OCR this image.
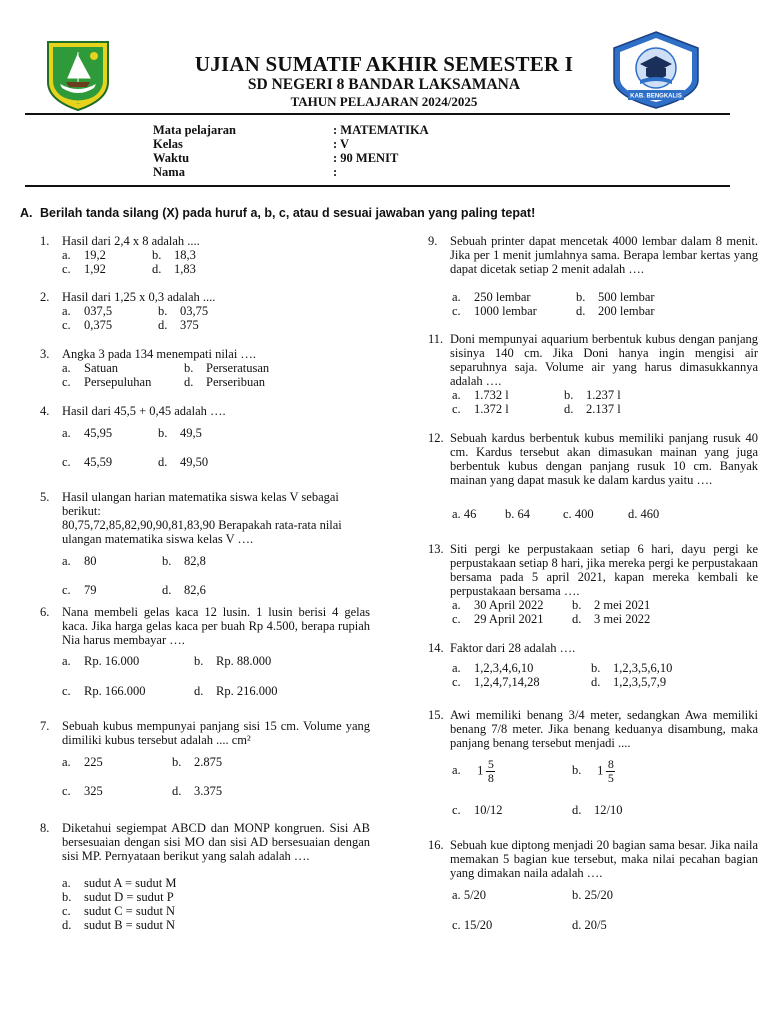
KAB. BENGKALIS
UJIAN SUMATIF AKHIR SEMESTER I
SD NEGERI 8 BANDAR LAKSAMANA
TAHUN PELAJARAN 2024/2025
Mata pelajaran	: MATEMATIKA
Kelas	: V
Waktu	: 90 MENIT
Nama	:
A. Berilah tanda silang (X) pada huruf a, b, c, atau d sesuai jawaban yang paling tepat!
1. Hasil dari 2,4 x 8 adalah ....
a. 19,2	b. 18,3
c. 1,92	d. 1,83
2. Hasil dari 1,25 x 0,3 adalah ....
a. 037,5	b. 03,75
c. 0,375	d. 375
3. Angka 3 pada 134 menempati nilai ….
a. Satuan	b. Perseratusan
c. Persepuluhan	d. Perseribuan
4. Hasil dari 45,5 + 0,45 adalah ….
a. 45,95	b. 49,5
c. 45,59	d. 49,50
5. Hasil ulangan harian matematika siswa kelas V sebagai berikut:
80,75,72,85,82,90,90,81,83,90 Berapakah rata-rata nilai ulangan matematika siswa kelas V ….
a. 80	b. 82,8
c. 79	d. 82,6
6. Nana membeli gelas kaca 12 lusin. 1 lusin berisi 4 gelas kaca. Jika harga gelas kaca per buah Rp 4.500, berapa rupiah Nia harus membayar ….
a. Rp. 16.000	b. Rp. 88.000
c. Rp. 166.000	d. Rp. 216.000
7. Sebuah kubus mempunyai panjang sisi 15 cm. Volume yang dimiliki kubus tersebut adalah .... cm²
a. 225	b. 2.875
c. 325	d. 3.375
8. Diketahui segiempat ABCD dan MONP kongruen. Sisi AB bersesuaian dengan sisi MO dan sisi AD bersesuaian dengan sisi MP. Pernyataan berikut yang salah adalah ….
a. sudut A = sudut M
b. sudut D = sudut P
c. sudut C = sudut N
d. sudut B = sudut N
9. Sebuah printer dapat mencetak 4000 lembar dalam 8 menit. Jika per 1 menit jumlahnya sama. Berapa lembar kertas yang dapat dicetak setiap 2 menit adalah ….
a. 250 lembar	b. 500 lembar
c. 1000 lembar	d. 200 lembar
11. Doni mempunyai aquarium berbentuk kubus dengan panjang sisinya 140 cm. Jika Doni hanya ingin mengisi air separuhnya saja. Volume air yang harus dimasukkannya adalah ….
a. 1.732 l	b. 1.237 l
c. 1.372 l	d. 2.137 l
12. Sebuah kardus berbentuk kubus memiliki panjang rusuk 40 cm. Kardus tersebut akan dimasukan mainan yang juga berbentuk kubus dengan panjang rusuk 10 cm. Banyak mainan yang dapat masuk ke dalam kardus yaitu ….
a. 46 b. 64	c. 400	d. 460
13. Siti pergi ke perpustakaan setiap 6 hari, dayu pergi ke perpustakaan setiap 8 hari, jika mereka pergi ke perpustakaan bersama pada 5 april 2021, kapan mereka kembali ke perpustakaan bersama ….
a. 30 April 2022 b. 2 mei 2021
c. 29 April 2021 d. 3 mei 2022
14. Faktor dari 28 adalah ….
a. 1,2,3,4,6,10	b. 1,2,3,5,6,10
c. 1,2,4,7,14,28	d. 1,2,3,5,7,9
15. Awi memiliki benang 3/4 meter, sedangkan Awa memiliki benang 7/8 meter. Jika benang keduanya disambung, maka panjang benang tersebut menjadi ....
a. $1 \frac{5}{8}$	b. $1 \frac{8}{5}$
c. 10/12	d. 12/10
16. Sebuah kue diptong menjadi 20 bagian sama besar. Jika naila memakan 5 bagian kue tersebut, maka nilai pecahan bagian yang dimakan naila adalah ….
a. 5/20	b. 25/20
c. 15/20	d. 20/5
